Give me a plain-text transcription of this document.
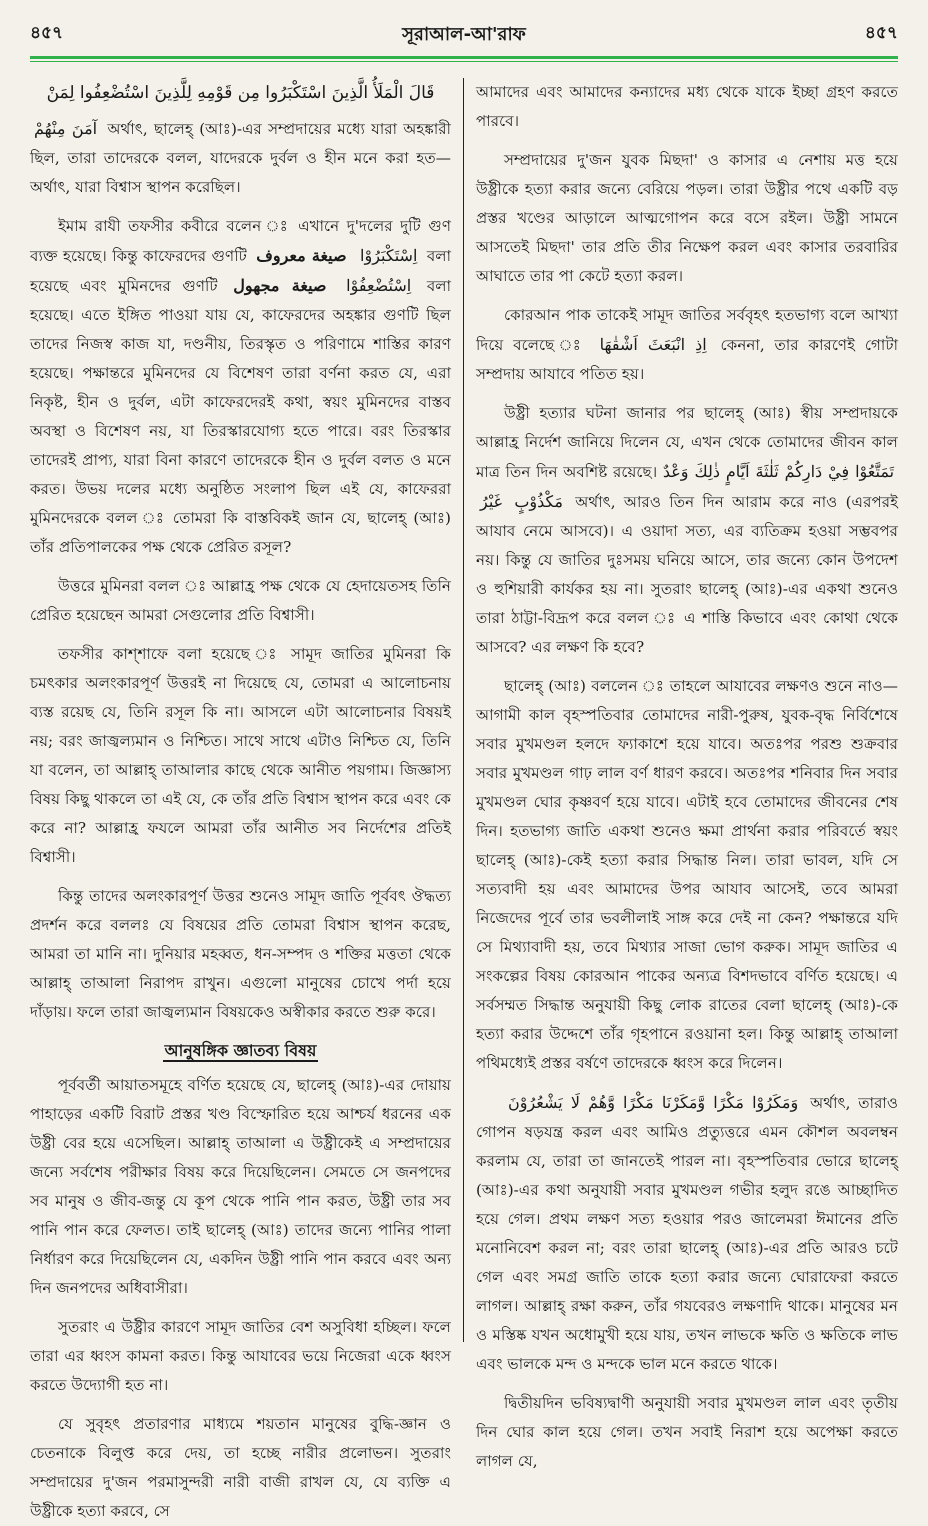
৪৫৭	সূরাআল-আ'রাফ	৪৫৭
قَالَ الْمَلَأُ الَّذِينَ اسْتَكْبَرُوا مِن قَوْمِهِ لِلَّذِينَ اسْتُضْعِفُوا لِمَنْ

آمَنَ مِنْهُمْ অর্থাৎ, ছালেহ্ (আঃ)-এর সম্প্রদায়ের মধ্যে যারা অহঙ্কারী ছিল, তারা তাদেরকে বলল, যাদেরকে দুর্বল ও হীন মনে করা হত—অর্থাৎ, যারা বিশ্বাস স্থাপন করেছিল।

ইমাম রাযী তফসীর কবীরে বলেন ঃ এখানে দু'দলের দুটি গুণ ব্যক্ত হয়েছে। কিন্তু কাফেরদের গুণটি صيغة معروف اِسْتَكْبَرُوْا বলা হয়েছে এবং মুমিনদের গুণটি صيغة مجهول اِسْتُضْعِفُوْا বলা হয়েছে। এতে ইঙ্গিত পাওয়া যায় যে, কাফেরদের অহঙ্কার গুণটি ছিল তাদের নিজস্ব কাজ যা, দণ্ডনীয়, তিরস্কৃত ও পরিণামে শাস্তির কারণ হয়েছে। পক্ষান্তরে মুমিনদের যে বিশেষণ তারা বর্ণনা করত যে, এরা নিকৃষ্ট, হীন ও দুর্বল, এটা কাফেরদেরই কথা, স্বয়ং মুমিনদের বাস্তব অবস্থা ও বিশেষণ নয়, যা তিরস্কারযোগ্য হতে পারে। বরং তিরস্কার তাদেরই প্রাপ্য, যারা বিনা কারণে তাদেরকে হীন ও দুর্বল বলত ও মনে করত। উভয় দলের মধ্যে অনুষ্ঠিত সংলাপ ছিল এই যে, কাফেররা মুমিনদেরকে বলল ঃ তোমরা কি বাস্তবিকই জান যে, ছালেহ্ (আঃ) তাঁর প্রতিপালকের পক্ষ থেকে প্রেরিত রসূল?

উত্তরে মুমিনরা বলল ঃ আল্লাহ্র পক্ষ থেকে যে হেদায়েতসহ তিনি প্রেরিত হয়েছেন আমরা সেগুলোর প্রতি বিশ্বাসী।

তফসীর কাশ্শাফে বলা হয়েছে ঃ সামূদ জাতির মুমিনরা কি চমৎকার অলংকারপূর্ণ উত্তরই না দিয়েছে যে, তোমরা এ আলোচনায় ব্যস্ত রয়েছ যে, তিনি রসূল কি না। আসলে এটা আলোচনার বিষয়ই নয়; বরং জাজ্বল্যমান ও নিশ্চিত। সাথে সাথে এটাও নিশ্চিত যে, তিনি যা বলেন, তা আল্লাহ্ তাআলার কাছে থেকে আনীত পয়গাম। জিজ্ঞাস্য বিষয় কিছু থাকলে তা এই যে, কে তাঁর প্রতি বিশ্বাস স্থাপন করে এবং কে করে না? আল্লাহ্র ফযলে আমরা তাঁর আনীত সব নির্দেশের প্রতিই বিশ্বাসী।

কিন্তু তাদের অলংকারপূর্ণ উত্তর শুনেও সামূদ জাতি পূর্ববৎ ঔদ্ধত্য প্রদর্শন করে বললঃ যে বিষয়ের প্রতি তোমরা বিশ্বাস স্থাপন করেছ, আমরা তা মানি না। দুনিয়ার মহব্বত, ধন-সম্পদ ও শক্তির মত্ততা থেকে আল্লাহ্ তাআলা নিরাপদ রাখুন। এগুলো মানুষের চোখে পর্দা হয়ে দাঁড়ায়। ফলে তারা জাজ্বল্যমান বিষয়কেও অস্বীকার করতে শুরু করে।

আনুষঙ্গিক জ্ঞাতব্য বিষয়

পূর্ববর্তী আয়াতসমূহে বর্ণিত হয়েছে যে, ছালেহ্ (আঃ)-এর দোয়ায় পাহাড়ের একটি বিরাট প্রস্তর খণ্ড বিস্ফোরিত হয়ে আশ্চর্য ধরনের এক উষ্ট্রী বের হয়ে এসেছিল। আল্লাহ্ তাআলা এ উষ্ট্রীকেই এ সম্প্রদায়ের জন্যে সর্বশেষ পরীক্ষার বিষয় করে দিয়েছিলেন। সেমতে সে জনপদের সব মানুষ ও জীব-জন্তু যে কূপ থেকে পানি পান করত, উষ্ট্রী তার সব পানি পান করে ফেলত। তাই ছালেহ্ (আঃ) তাদের জন্যে পানির পালা নির্ধারণ করে দিয়েছিলেন যে, একদিন উষ্ট্রী পানি পান করবে এবং অন্য দিন জনপদের অধিবাসীরা।

সুতরাং এ উষ্ট্রীর কারণে সামূদ জাতির বেশ অসুবিধা হচ্ছিল। ফলে তারা এর ধ্বংস কামনা করত। কিন্তু আযাবের ভয়ে নিজেরা একে ধ্বংস করতে উদ্যোগী হত না।

যে সুবৃহৎ প্রতারণার মাধ্যমে শয়তান মানুষের বুদ্ধি-জ্ঞান ও চেতনাকে বিলুপ্ত করে দেয়, তা হচ্ছে নারীর প্রলোভন। সুতরাং সম্প্রদায়ের দু'জন পরমাসুন্দরী নারী বাজী রাখল যে, যে ব্যক্তি এ উষ্ট্রীকে হত্যা করবে, সে

আমাদের এবং আমাদের কন্যাদের মধ্য থেকে যাকে ইচ্ছা গ্রহণ করতে পারবে।

সম্প্রদায়ের দু'জন যুবক মিছদা' ও কাসার এ নেশায় মত্ত হয়ে উষ্ট্রীকে হত্যা করার জন্যে বেরিয়ে পড়ল। তারা উষ্ট্রীর পথে একটি বড় প্রস্তর খণ্ডের আড়ালে আত্মগোপন করে বসে রইল। উষ্ট্রী সামনে আসতেই মিছদা' তার প্রতি তীর নিক্ষেপ করল এবং কাসার তরবারির আঘাতে তার পা কেটে হত্যা করল।

কোরআন পাক তাকেই সামূদ জাতির সর্ববৃহৎ হতভাগ্য বলে আখ্যা দিয়ে বলেছে ঃ اِذِ انْبَعَثَ اَشْقٰهَا কেননা, তার কারণেই গোটা সম্প্রদায় আযাবে পতিত হয়।

উষ্ট্রী হত্যার ঘটনা জানার পর ছালেহ্ (আঃ) স্বীয় সম্প্রদায়কে আল্লাহ্র নির্দেশ জানিয়ে দিলেন যে, এখন থেকে তোমাদের জীবন কাল মাত্র তিন দিন অবশিষ্ট রয়েছে। تَمَتَّعُوْا فِيْ دَارِكُمْ ثَلٰثَةَ اَيَّامٍ ذٰلِكَ وَعْدٌ غَيْرُ مَكْذُوْبٍ অর্থাৎ, আরও তিন দিন আরাম করে নাও (এরপরই আযাব নেমে আসবে)। এ ওয়াদা সত্য, এর ব্যতিক্রম হওয়া সম্ভবপর নয়। কিন্তু যে জাতির দুঃসময় ঘনিয়ে আসে, তার জন্যে কোন উপদেশ ও হুশিয়ারী কার্যকর হয় না। সুতরাং ছালেহ্ (আঃ)-এর একথা শুনেও তারা ঠাট্টা-বিদ্রূপ করে বলল ঃ এ শাস্তি কিভাবে এবং কোথা থেকে আসবে? এর লক্ষণ কি হবে?

ছালেহ্ (আঃ) বললেন ঃ তাহলে আযাবের লক্ষণও শুনে নাও—আগামী কাল বৃহস্পতিবার তোমাদের নারী-পুরুষ, যুবক-বৃদ্ধ নির্বিশেষে সবার মুখমণ্ডল হলদে ফ্যাকাশে হয়ে যাবে। অতঃপর পরশু শুক্রবার সবার মুখমণ্ডল গাঢ় লাল বর্ণ ধারণ করবে। অতঃপর শনিবার দিন সবার মুখমণ্ডল ঘোর কৃষ্ণবর্ণ হয়ে যাবে। এটাই হবে তোমাদের জীবনের শেষ দিন। হতভাগ্য জাতি একথা শুনেও ক্ষমা প্রার্থনা করার পরিবর্তে স্বয়ং ছালেহ্ (আঃ)-কেই হত্যা করার সিদ্ধান্ত নিল। তারা ভাবল, যদি সে সত্যবাদী হয় এবং আমাদের উপর আযাব আসেই, তবে আমরা নিজেদের পূর্বে তার ভবলীলাই সাঙ্গ করে দেই না কেন? পক্ষান্তরে যদি সে মিথ্যাবাদী হয়, তবে মিথ্যার সাজা ভোগ করুক। সামূদ জাতির এ সংকল্পের বিষয় কোরআন পাকের অন্যত্র বিশদভাবে বর্ণিত হয়েছে। এ সর্বসম্মত সিদ্ধান্ত অনুযায়ী কিছু লোক রাতের বেলা ছালেহ্ (আঃ)-কে হত্যা করার উদ্দেশে তাঁর গৃহপানে রওয়ানা হল। কিন্তু আল্লাহ্ তাআলা পথিমধ্যেই প্রস্তর বর্ষণে তাদেরকে ধ্বংস করে দিলেন।

وَمَكَرُوْا مَكْرًا وَّمَكَرْنَا مَكْرًا وَّهُمْ لَا يَشْعُرُوْنَ অর্থাৎ, তারাও গোপন ষড়যন্ত্র করল এবং আমিও প্রত্যুত্তরে এমন কৌশল অবলম্বন করলাম যে, তারা তা জানতেই পারল না। বৃহস্পতিবার ভোরে ছালেহ্ (আঃ)-এর কথা অনুযায়ী সবার মুখমণ্ডল গভীর হলুদ রঙে আচ্ছাদিত হয়ে গেল। প্রথম লক্ষণ সত্য হওয়ার পরও জালেমরা ঈমানের প্রতি মনোনিবেশ করল না; বরং তারা ছালেহ্ (আঃ)-এর প্রতি আরও চটে গেল এবং সমগ্র জাতি তাকে হত্যা করার জন্যে ঘোরাফেরা করতে লাগল। আল্লাহ্ রক্ষা করুন, তাঁর গযবেরও লক্ষণাদি থাকে। মানুষের মন ও মস্তিষ্ক যখন অধোমুখী হয়ে যায়, তখন লাভকে ক্ষতি ও ক্ষতিকে লাভ এবং ভালকে মন্দ ও মন্দকে ভাল মনে করতে থাকে।

দ্বিতীয়দিন ভবিষ্যদ্বাণী অনুযায়ী সবার মুখমণ্ডল লাল এবং তৃতীয় দিন ঘোর কাল হয়ে গেল। তখন সবাই নিরাশ হয়ে অপেক্ষা করতে লাগল যে,
